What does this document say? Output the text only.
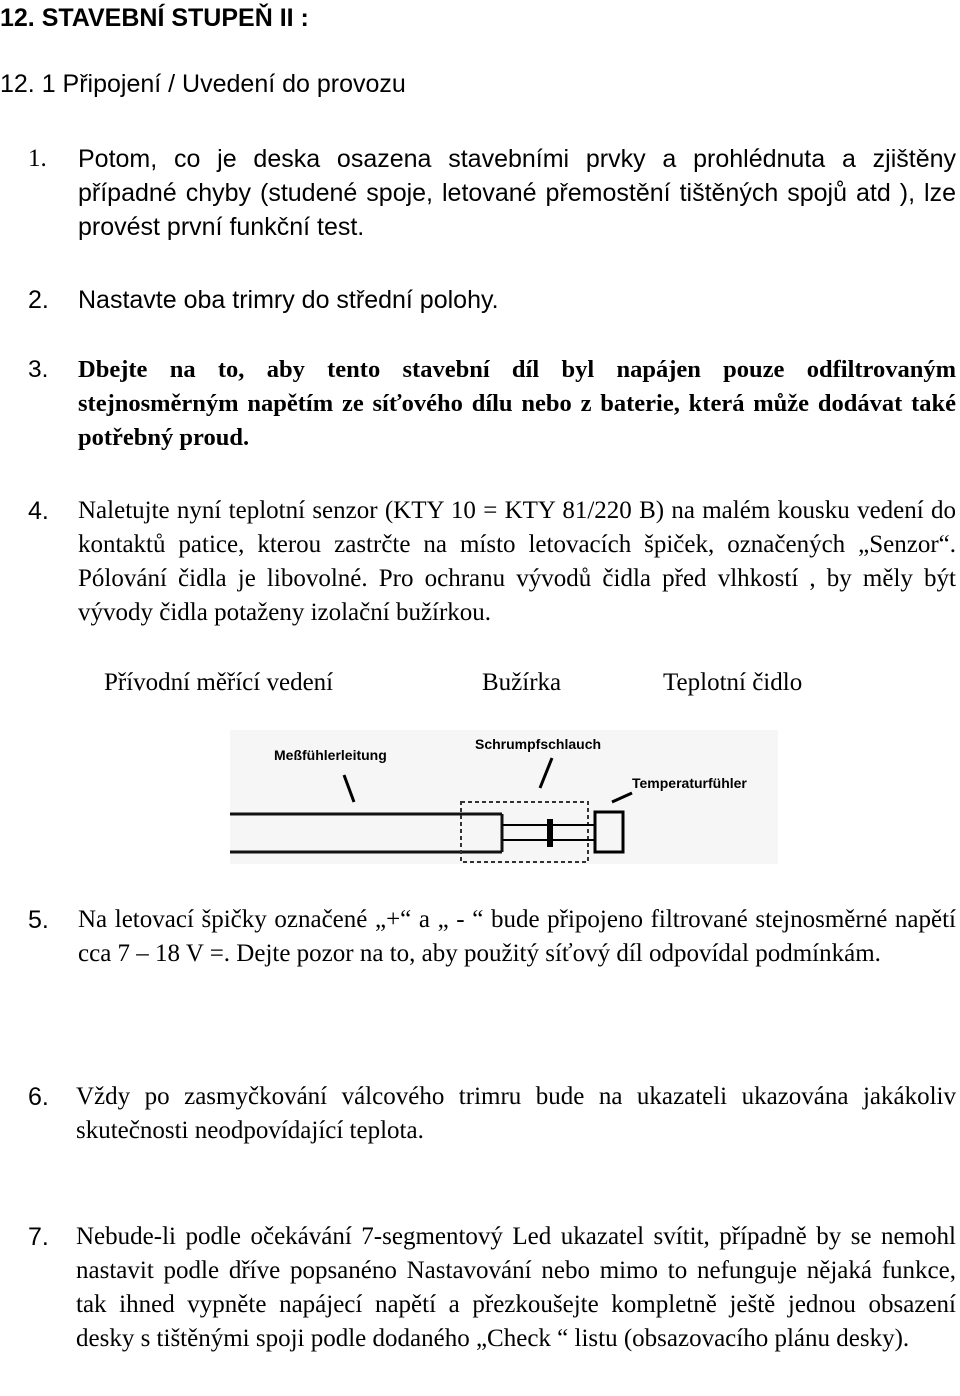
12. STAVEBNÍ STUPEŇ II :
12. 1 Připojení / Uvedení do provozu
1. Potom, co je deska osazena stavebními prvky a prohlédnuta a zjištěny případné chyby (studené spoje, letované přemostění tištěných spojů atd ), lze provést první funkční test.
2. Nastavte oba trimry do střední polohy.
3. Dbejte na to, aby tento stavební díl byl napájen pouze odfiltrovaným stejnosměrným napětím ze síťového dílu nebo z baterie, která může dodávat také potřebný proud.
4. Naletujte nyní teplotní senzor (KTY 10 = KTY 81/220 B) na malém kousku vedení do kontaktů patice, kterou zastrčte na místo letovacích špiček, označených „Senzor“. Pólování čidla je libovolné. Pro ochranu vývodů čidla před vlhkostí , by měly být vývody čidla potaženy izolační bužírkou.
Přívodní měřící vedení	Bužírka	Teplotní čidlo
Meßfühlerleitung
Schrumpfschlauch
Temperaturfühler
5. Na letovací špičky označené „+“ a „ - “ bude připojeno filtrované stejnosměrné napětí cca 7 – 18 V =. Dejte pozor na to, aby použitý síťový díl odpovídal podmínkám.
6. Vždy po zasmyčkování válcového trimru bude na ukazateli ukazována jakákoliv skutečnosti neodpovídající teplota.
7. Nebude-li podle očekávání 7-segmentový Led ukazatel svítit, případně by se nemohl nastavit podle dříve popsanéno Nastavování nebo mimo to nefunguje nějaká funkce, tak ihned vypněte napájecí napětí a přezkoušejte kompletně ještě jednou obsazení desky s tištěnými spoji podle dodaného „Check “ listu (obsazovacího plánu desky).
